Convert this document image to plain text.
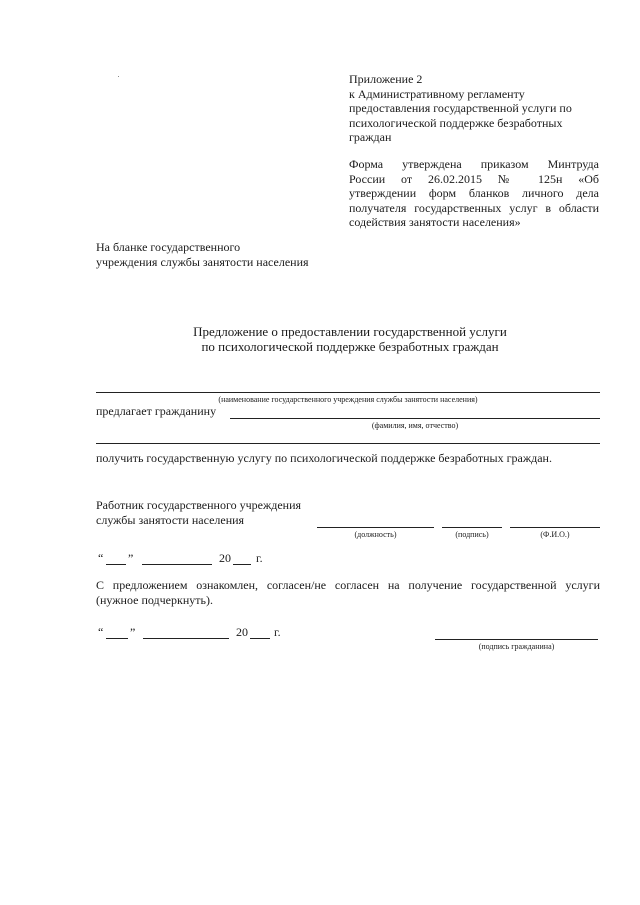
Приложение 2
к Административному регламенту
предоставления государственной услуги по
психологической поддержке безработных
граждан
Форма утверждена приказом Минтруда
России от 26.02.2015 № 125н «Об
утверждении форм бланков личного дела
получателя государственных услуг в области
содействия занятости населения»
На бланке государственного
учреждения службы занятости населения
Предложение о предоставлении государственной услуги
по психологической поддержке безработных граждан
(наименование государственного учреждения службы занятости населения)
предлагает гражданину
(фамилия, имя, отчество)
получить государственную услугу по психологической поддержке безработных граждан.
Работник государственного учреждения
службы занятости населения
(должность)	(подпись)	(Ф.И.О.)
“ ”	20 г.
С предложением ознакомлен, согласен/не согласен на получение государственной услуги
(нужное подчеркнуть).
“ ”	20 г.
(подпись гражданина)
